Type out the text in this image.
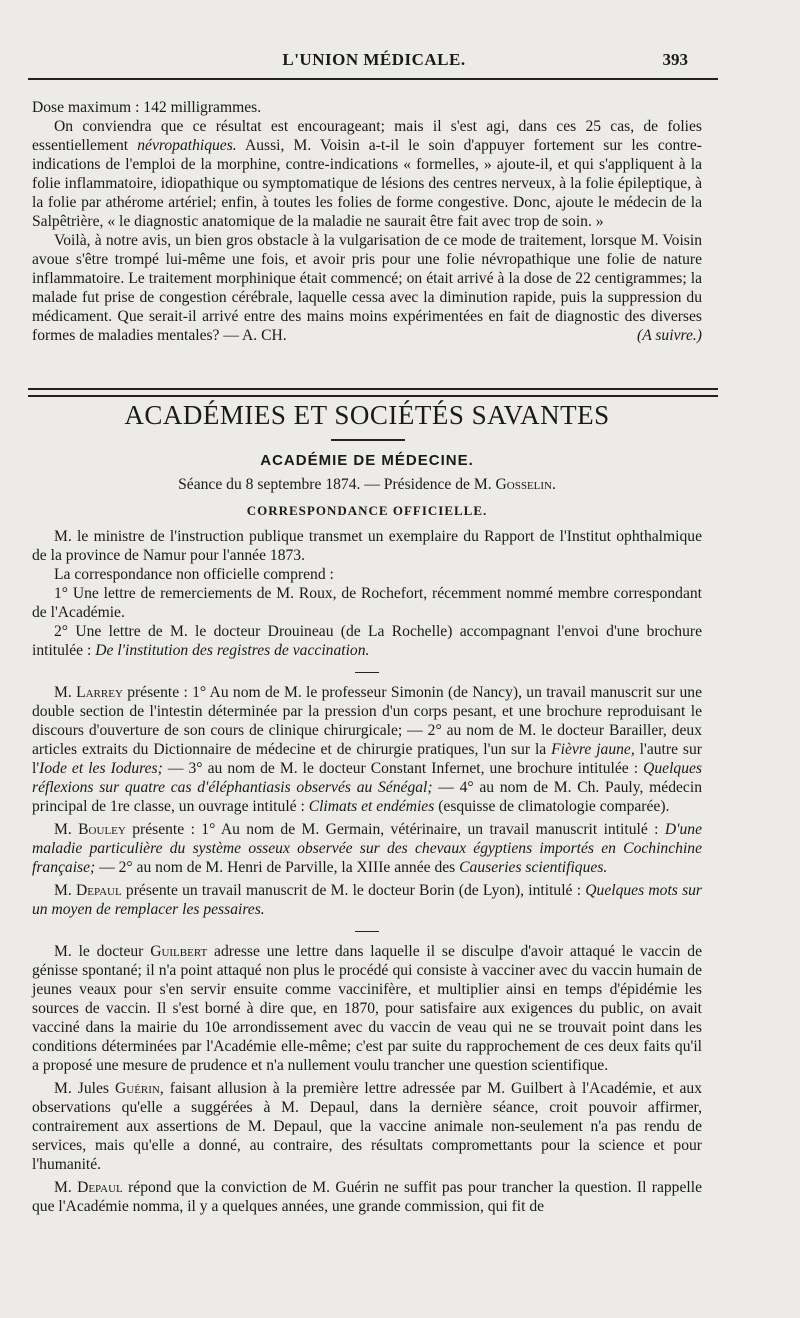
L'UNION MÉDICALE.	393

Dose maximum : 142 milligrammes.

On conviendra que ce résultat est encourageant; mais il s'est agi, dans ces 25 cas, de folies essentiellement névropathiques. Aussi, M. Voisin a-t-il le soin d'appuyer fortement sur les contre-indications de l'emploi de la morphine, contre-indications « formelles, » ajoute-il, et qui s'appliquent à la folie inflammatoire, idiopathique ou symptomatique de lésions des centres nerveux, à la folie épileptique, à la folie par athérome artériel; enfin, à toutes les folies de forme congestive. Donc, ajoute le médecin de la Salpêtrière, « le diagnostic anatomique de la maladie ne saurait être fait avec trop de soin. »

Voilà, à notre avis, un bien gros obstacle à la vulgarisation de ce mode de traitement, lorsque M. Voisin avoue s'être trompé lui-même une fois, et avoir pris pour une folie névropathique une folie de nature inflammatoire. Le traitement morphinique était commencé; on était arrivé à la dose de 22 centigrammes; la malade fut prise de congestion cérébrale, laquelle cessa avec la diminution rapide, puis la suppression du médicament. Que serait-il arrivé entre des mains moins expérimentées en fait de diagnostic des diverses formes de maladies mentales? — A. CH.	(A suivre.)

ACADÉMIES ET SOCIÉTÉS SAVANTES
ACADÉMIE DE MÉDECINE.
Séance du 8 septembre 1874. — Présidence de M. Gosselin.
CORRESPONDANCE OFFICIELLE.

M. le ministre de l'instruction publique transmet un exemplaire du Rapport de l'Institut ophthalmique de la province de Namur pour l'année 1873.

La correspondance non officielle comprend :

1° Une lettre de remerciements de M. Roux, de Rochefort, récemment nommé membre correspondant de l'Académie.

2° Une lettre de M. le docteur Drouineau (de La Rochelle) accompagnant l'envoi d'une brochure intitulée : De l'institution des registres de vaccination.

M. Larrey présente : 1° Au nom de M. le professeur Simonin (de Nancy), un travail manuscrit sur une double section de l'intestin déterminée par la pression d'un corps pesant, et une brochure reproduisant le discours d'ouverture de son cours de clinique chirurgicale; — 2° au nom de M. le docteur Barailler, deux articles extraits du Dictionnaire de médecine et de chirurgie pratiques, l'un sur la Fièvre jaune, l'autre sur l'Iode et les Iodures; — 3° au nom de M. le docteur Constant Infernet, une brochure intitulée : Quelques réflexions sur quatre cas d'éléphantiasis observés au Sénégal; — 4° au nom de M. Ch. Pauly, médecin principal de 1re classe, un ouvrage intitulé : Climats et endémies (esquisse de climatologie comparée).

M. Bouley présente : 1° Au nom de M. Germain, vétérinaire, un travail manuscrit intitulé : D'une maladie particulière du système osseux observée sur des chevaux égyptiens importés en Cochinchine française; — 2° au nom de M. Henri de Parville, la XIIIe année des Causeries scientifiques.

M. Depaul présente un travail manuscrit de M. le docteur Borin (de Lyon), intitulé : Quelques mots sur un moyen de remplacer les pessaires.

M. le docteur Guilbert adresse une lettre dans laquelle il se disculpe d'avoir attaqué le vaccin de génisse spontané; il n'a point attaqué non plus le procédé qui consiste à vacciner avec du vaccin humain de jeunes veaux pour s'en servir ensuite comme vaccinifère, et multiplier ainsi en temps d'épidémie les sources de vaccin. Il s'est borné à dire que, en 1870, pour satisfaire aux exigences du public, on avait vacciné dans la mairie du 10e arrondissement avec du vaccin de veau qui ne se trouvait point dans les conditions déterminées par l'Académie elle-même; c'est par suite du rapprochement de ces deux faits qu'il a proposé une mesure de prudence et n'a nullement voulu trancher une question scientifique.

M. Jules Guérin, faisant allusion à la première lettre adressée par M. Guilbert à l'Académie, et aux observations qu'elle a suggérées à M. Depaul, dans la dernière séance, croit pouvoir affirmer, contrairement aux assertions de M. Depaul, que la vaccine animale non-seulement n'a pas rendu de services, mais qu'elle a donné, au contraire, des résultats compromettants pour la science et pour l'humanité.

M. Depaul répond que la conviction de M. Guérin ne suffit pas pour trancher la question. Il rappelle que l'Académie nomma, il y a quelques années, une grande commission, qui fit de
